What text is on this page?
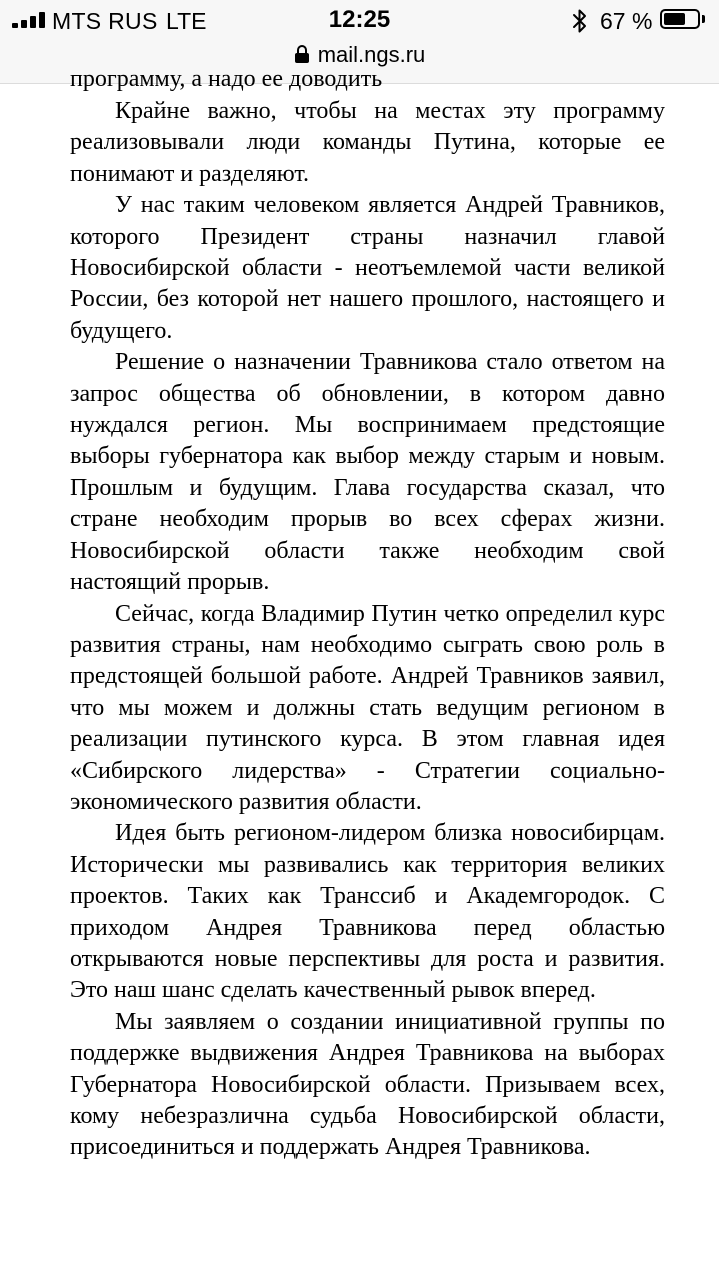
MTS RUS LTE	12:25	67 %
mail.ngs.ru
программу, а надо ее доводить

Крайне важно, чтобы на местах эту программу реализовывали люди команды Путина, которые ее понимают и разделяют.

У нас таким человеком является Андрей Травников, которого Президент страны назначил главой Новосибирской области - неотъемлемой части великой России, без которой нет нашего прошлого, настоящего и будущего.

Решение о назначении Травникова стало ответом на запрос общества об обновлении, в котором давно нуждался регион. Мы воспринимаем предстоящие выборы губернатора как выбор между старым и новым. Прошлым и будущим. Глава государства сказал, что стране необходим прорыв во всех сферах жизни. Новосибирской области также необходим свой настоящий прорыв.

Сейчас, когда Владимир Путин четко определил курс развития страны, нам необходимо сыграть свою роль в предстоящей большой работе. Андрей Травников заявил, что мы можем и должны стать ведущим регионом в реализации путинского курса. В этом главная идея «Сибирского лидерства» - Стратегии социально-экономического развития области.

Идея быть регионом-лидером близка новосибирцам. Исторически мы развивались как территория великих проектов. Таких как Транссиб и Академгородок. С приходом Андрея Травникова перед областью открываются новые перспективы для роста и развития. Это наш шанс сделать качественный рывок вперед.

Мы заявляем о создании инициативной группы по поддержке выдвижения Андрея Травникова на выборах Губернатора Новосибирской области. Призываем всех, кому небезразлична судьба Новосибирской области, присоединиться и поддержать Андрея Травникова.
